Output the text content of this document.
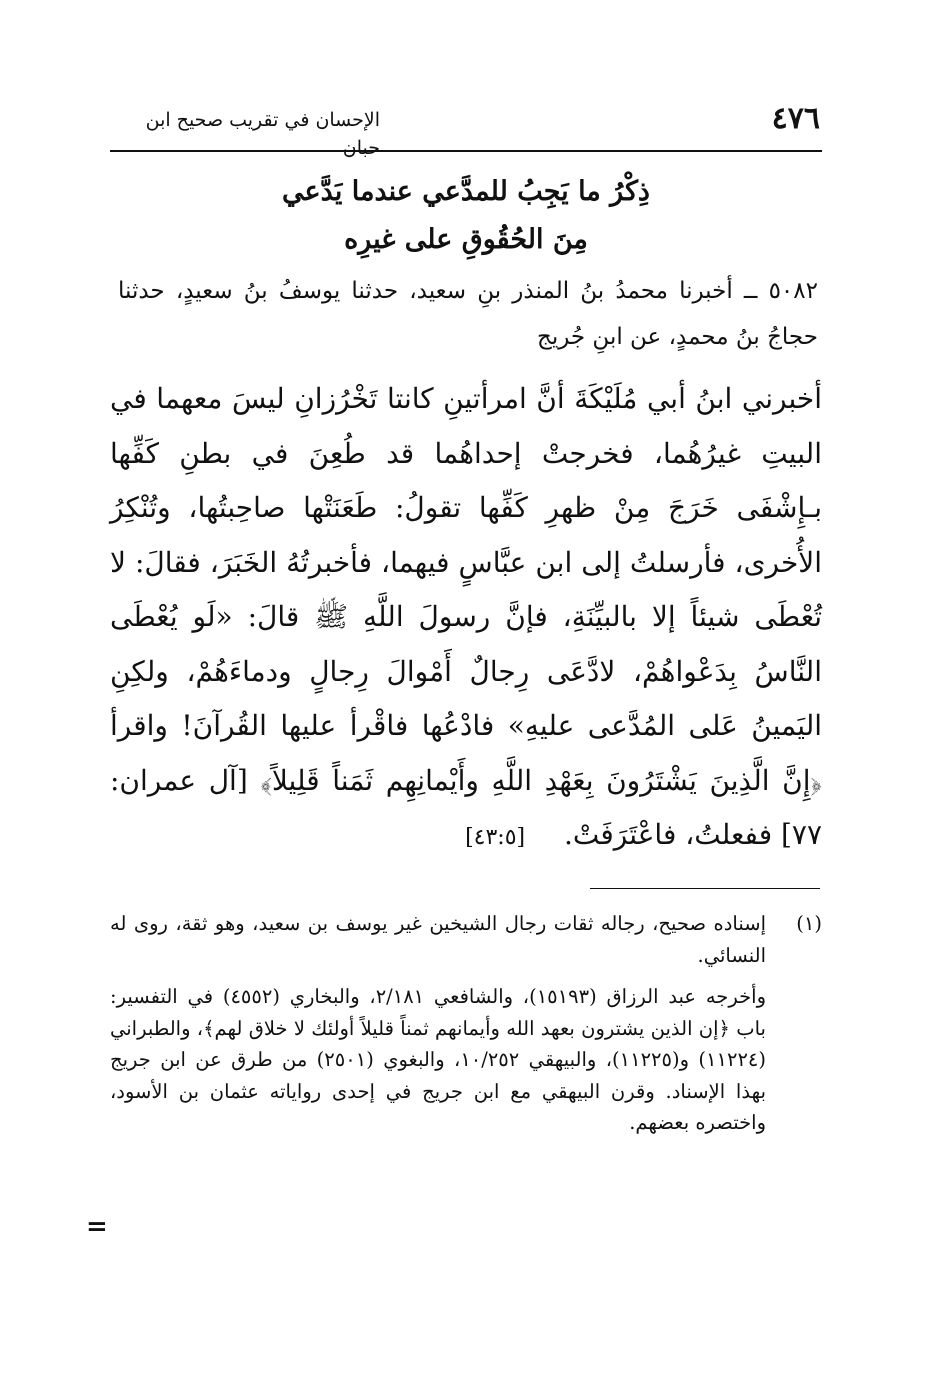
٤٧٦
الإحسان في تقريب صحيح ابن حبان
ذِكْرُ ما يَجِبُ للمدَّعي عندما يَدَّعي
مِنَ الحُقُوقِ على غيرِه
٥٠٨٢ ــ أخبرنا محمدُ بنُ المنذر بنِ سعيد، حدثنا يوسفُ بنُ سعيدٍ، حدثنا حجاجُ بنُ محمدٍ، عن ابنِ جُريج
أخبرني ابنُ أبي مُلَيْكَةَ أنَّ امرأتينِ كانتا تَخْرُزانِ ليسَ معهما في البيتِ غيرُهُما، فخرجتْ إحداهُما قد طُعِنَ في بطنِ كَفِّها بـإِشْفَى خَرَجَ مِنْ ظهرِ كَفِّها تقولُ: طَعَنَتْها صاحِبتُها، وتُنْكِرُ الأُخرى، فأرسلتُ إلى ابن عبَّاسٍ فيهما، فأخبرتُهُ الخَبَرَ، فقالَ: لا تُعْطَى شيئاً إلا بالبيِّنَةِ، فإنَّ رسولَ اللَّهِ ﷺ قالَ: «لَو يُعْطَى النَّاسُ بِدَعْواهُمْ، لادَّعَى رِجالٌ أَمْوالَ رِجالٍ ودماءَهُمْ، ولكِنِ اليَمينُ عَلى المُدَّعى عليهِ» فادْعُها فاقْرأ عليها القُرآنَ! واقرأ ﴿إِنَّ الَّذِينَ يَشْتَرُونَ بِعَهْدِ اللَّهِ وأَيْمانِهِم ثَمَناً قَلِيلاً﴾ [آل عمران: ٧٧] ففعلتُ، فاعْتَرَفَتْ. [٤٣:٥]
(١)

إسناده صحيح، رجاله ثقات رجال الشيخين غير يوسف بن سعيد، وهو ثقة، روى له النسائي.

وأخرجه عبد الرزاق (١٥١٩٣)، والشافعي ٢/١٨١، والبخاري (٤٥٥٢) في التفسير: باب ﴿إن الذين يشترون بعهد الله وأيمانهم ثمناً قليلاً أولئك لا خلاق لهم﴾، والطبراني (١١٢٢٤) و(١١٢٢٥)، والبيهقي ١٠/٢٥٢، والبغوي (٢٥٠١) من طرق عن ابن جريج بهذا الإسناد. وقرن البيهقي مع ابن جريج في إحدى رواياته عثمان بن الأسود، واختصره بعضهم.

=
